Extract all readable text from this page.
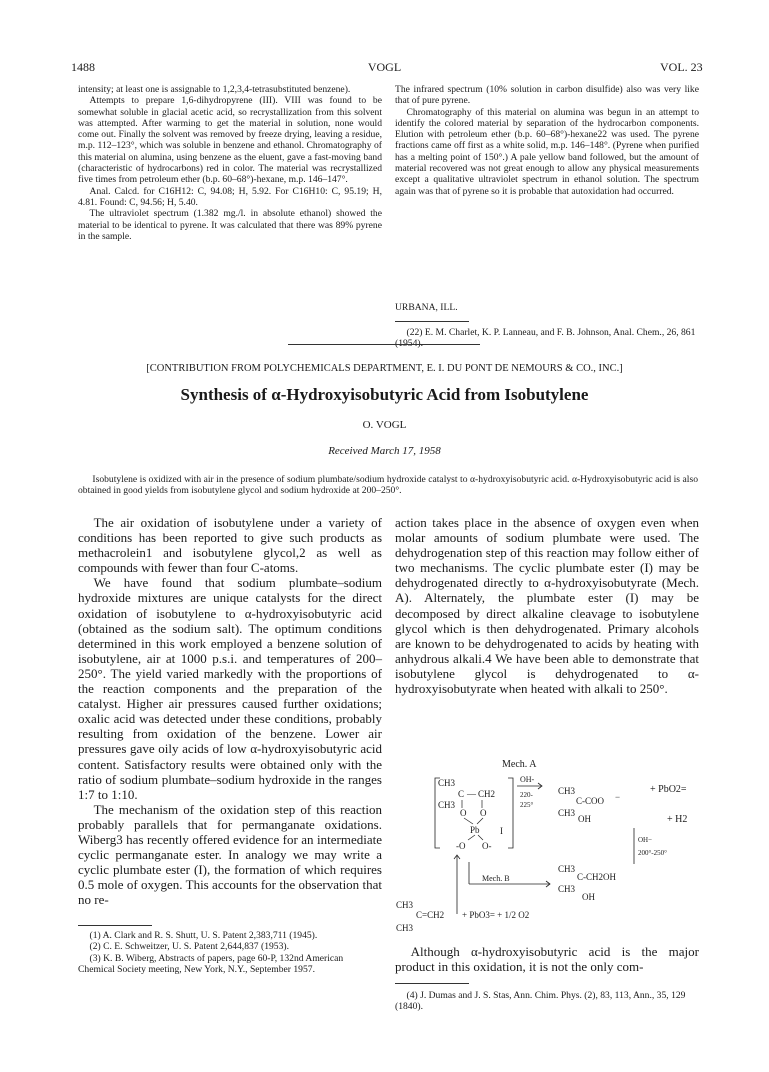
1488	VOGL	VOL. 23

intensity; at least one is assignable to 1,2,3,4-tetrasubstituted benzene).

Attempts to prepare 1,6-dihydropyrene (III). VIII was found to be somewhat soluble in glacial acetic acid, so recrystallization from this solvent was attempted. After warming to get the material in solution, none would come out. Finally the solvent was removed by freeze drying, leaving a residue, m.p. 112–123°, which was soluble in benzene and ethanol. Chromatography of this material on alumina, using benzene as the eluent, gave a fast-moving band (characteristic of hydrocarbons) red in color. The material was recrystallized five times from petroleum ether (b.p. 60–68°)-hexane, m.p. 146–147°.

Anal. Calcd. for C16H12: C, 94.08; H, 5.92. For C16H10: C, 95.19; H, 4.81. Found: C, 94.56; H, 5.40.

The ultraviolet spectrum (1.382 mg./l. in absolute ethanol) showed the material to be identical to pyrene. It was calculated that there was 89% pyrene in the sample.

The infrared spectrum (10% solution in carbon disulfide) also was very like that of pure pyrene.

Chromatography of this material on alumina was begun in an attempt to identify the colored material by separation of the hydrocarbon components. Elution with petroleum ether (b.p. 60–68°)-hexane22 was used. The pyrene fractions came off first as a white solid, m.p. 146–148°. (Pyrene when purified has a melting point of 150°.) A pale yellow band followed, but the amount of material recovered was not great enough to allow any physical measurements except a qualitative ultraviolet spectrum in ethanol solution. The spectrum again was that of pyrene so it is probable that autoxidation had occurred.

URBANA, ILL.
(22) E. M. Charlet, K. P. Lanneau, and F. B. Johnson, Anal. Chem., 26, 861 (1954).
[CONTRIBUTION FROM POLYCHEMICALS DEPARTMENT, E. I. DU PONT DE NEMOURS & CO., INC.]
Synthesis of α-Hydroxyisobutyric Acid from Isobutylene
O. VOGL
Received March 17, 1958
Isobutylene is oxidized with air in the presence of sodium plumbate/sodium hydroxide catalyst to α-hydroxyisobutyric acid. α-Hydroxyisobutyric acid is also obtained in good yields from isobutylene glycol and sodium hydroxide at 200–250°.

The air oxidation of isobutylene under a variety of conditions has been reported to give such products as methacrolein1 and isobutylene glycol,2 as well as compounds with fewer than four C-atoms.

We have found that sodium plumbate–sodium hydroxide mixtures are unique catalysts for the direct oxidation of isobutylene to α-hydroxyisobutyric acid (obtained as the sodium salt). The optimum conditions determined in this work employed a benzene solution of isobutylene, air at 1000 p.s.i. and temperatures of 200–250°. The yield varied markedly with the proportions of the reaction components and the preparation of the catalyst. Higher air pressures caused further oxidations; oxalic acid was detected under these conditions, probably resulting from oxidation of the benzene. Lower air pressures gave oily acids of low α-hydroxyisobutyric acid content. Satisfactory results were obtained only with the ratio of sodium plumbate–sodium hydroxide in the ranges 1:7 to 1:10.

The mechanism of the oxidation step of this reaction probably parallels that for permanganate oxidations. Wiberg3 has recently offered evidence for an intermediate cyclic permanganate ester. In analogy we may write a cyclic plumbate ester (I), the formation of which requires 0.5 mole of oxygen. This accounts for the observation that no re-

(1) A. Clark and R. S. Shutt, U. S. Patent 2,383,711 (1945).

(2) C. E. Schweitzer, U. S. Patent 2,644,837 (1953).

(3) K. B. Wiberg, Abstracts of papers, page 60-P, 132nd American Chemical Society meeting, New York, N.Y., September 1957.

action takes place in the absence of oxygen even when molar amounts of sodium plumbate were used. The dehydrogenation step of this reaction may follow either of two mechanisms. The cyclic plumbate ester (I) may be dehydrogenated directly to α-hydroxyisobutyrate (Mech. A). Alternately, the plumbate ester (I) may be decomposed by direct alkaline cleavage to isobutylene glycol which is then dehydrogenated. Primary alcohols are known to be dehydrogenated to acids by heating with anhydrous alkali.4 We have been able to demonstrate that isobutylene glycol is dehydrogenated to α-hydroxyisobutyrate when heated with alkali to 250°.

Mech. A
CH3
CH3
C — CH2
O O
Pb I
-O O-
OH-
220-
225°
CH3
C-COO −
CH3
OH
+ PbO2=
+ H2
OH−
200°-250°
CH3
C-CH2OH
CH3
OH
Mech. B
CH3
C=CH2
CH3
+ PbO3= + 1/2 O2

Although α-hydroxyisobutyric acid is the major product in this oxidation, it is not the only com-

(4) J. Dumas and J. S. Stas, Ann. Chim. Phys. (2), 83, 113, Ann., 35, 129 (1840).
